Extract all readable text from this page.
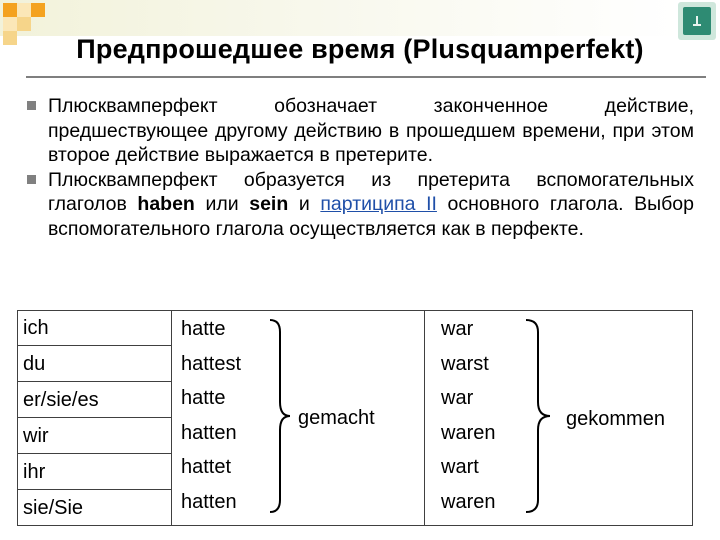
Предпрошедшее время (Plusquamperfekt)
Плюсквамперфект обозначает законченное действие, предшествующее другому действию в прошедшем времени, при этом второе действие выражается в претерите.
Плюсквамперфект образуется из претерита вспомогательных глаголов haben или sein и партиципа II основного глагола. Выбор вспомогательного глагола осуществляется как в перфекте.
ich
du
er/sie/es
wir
ihr
sie/Sie
hatte
hattest
hatte
hatten
hattet
hatten
gemacht
war
warst
war
waren
wart
waren
gekommen
